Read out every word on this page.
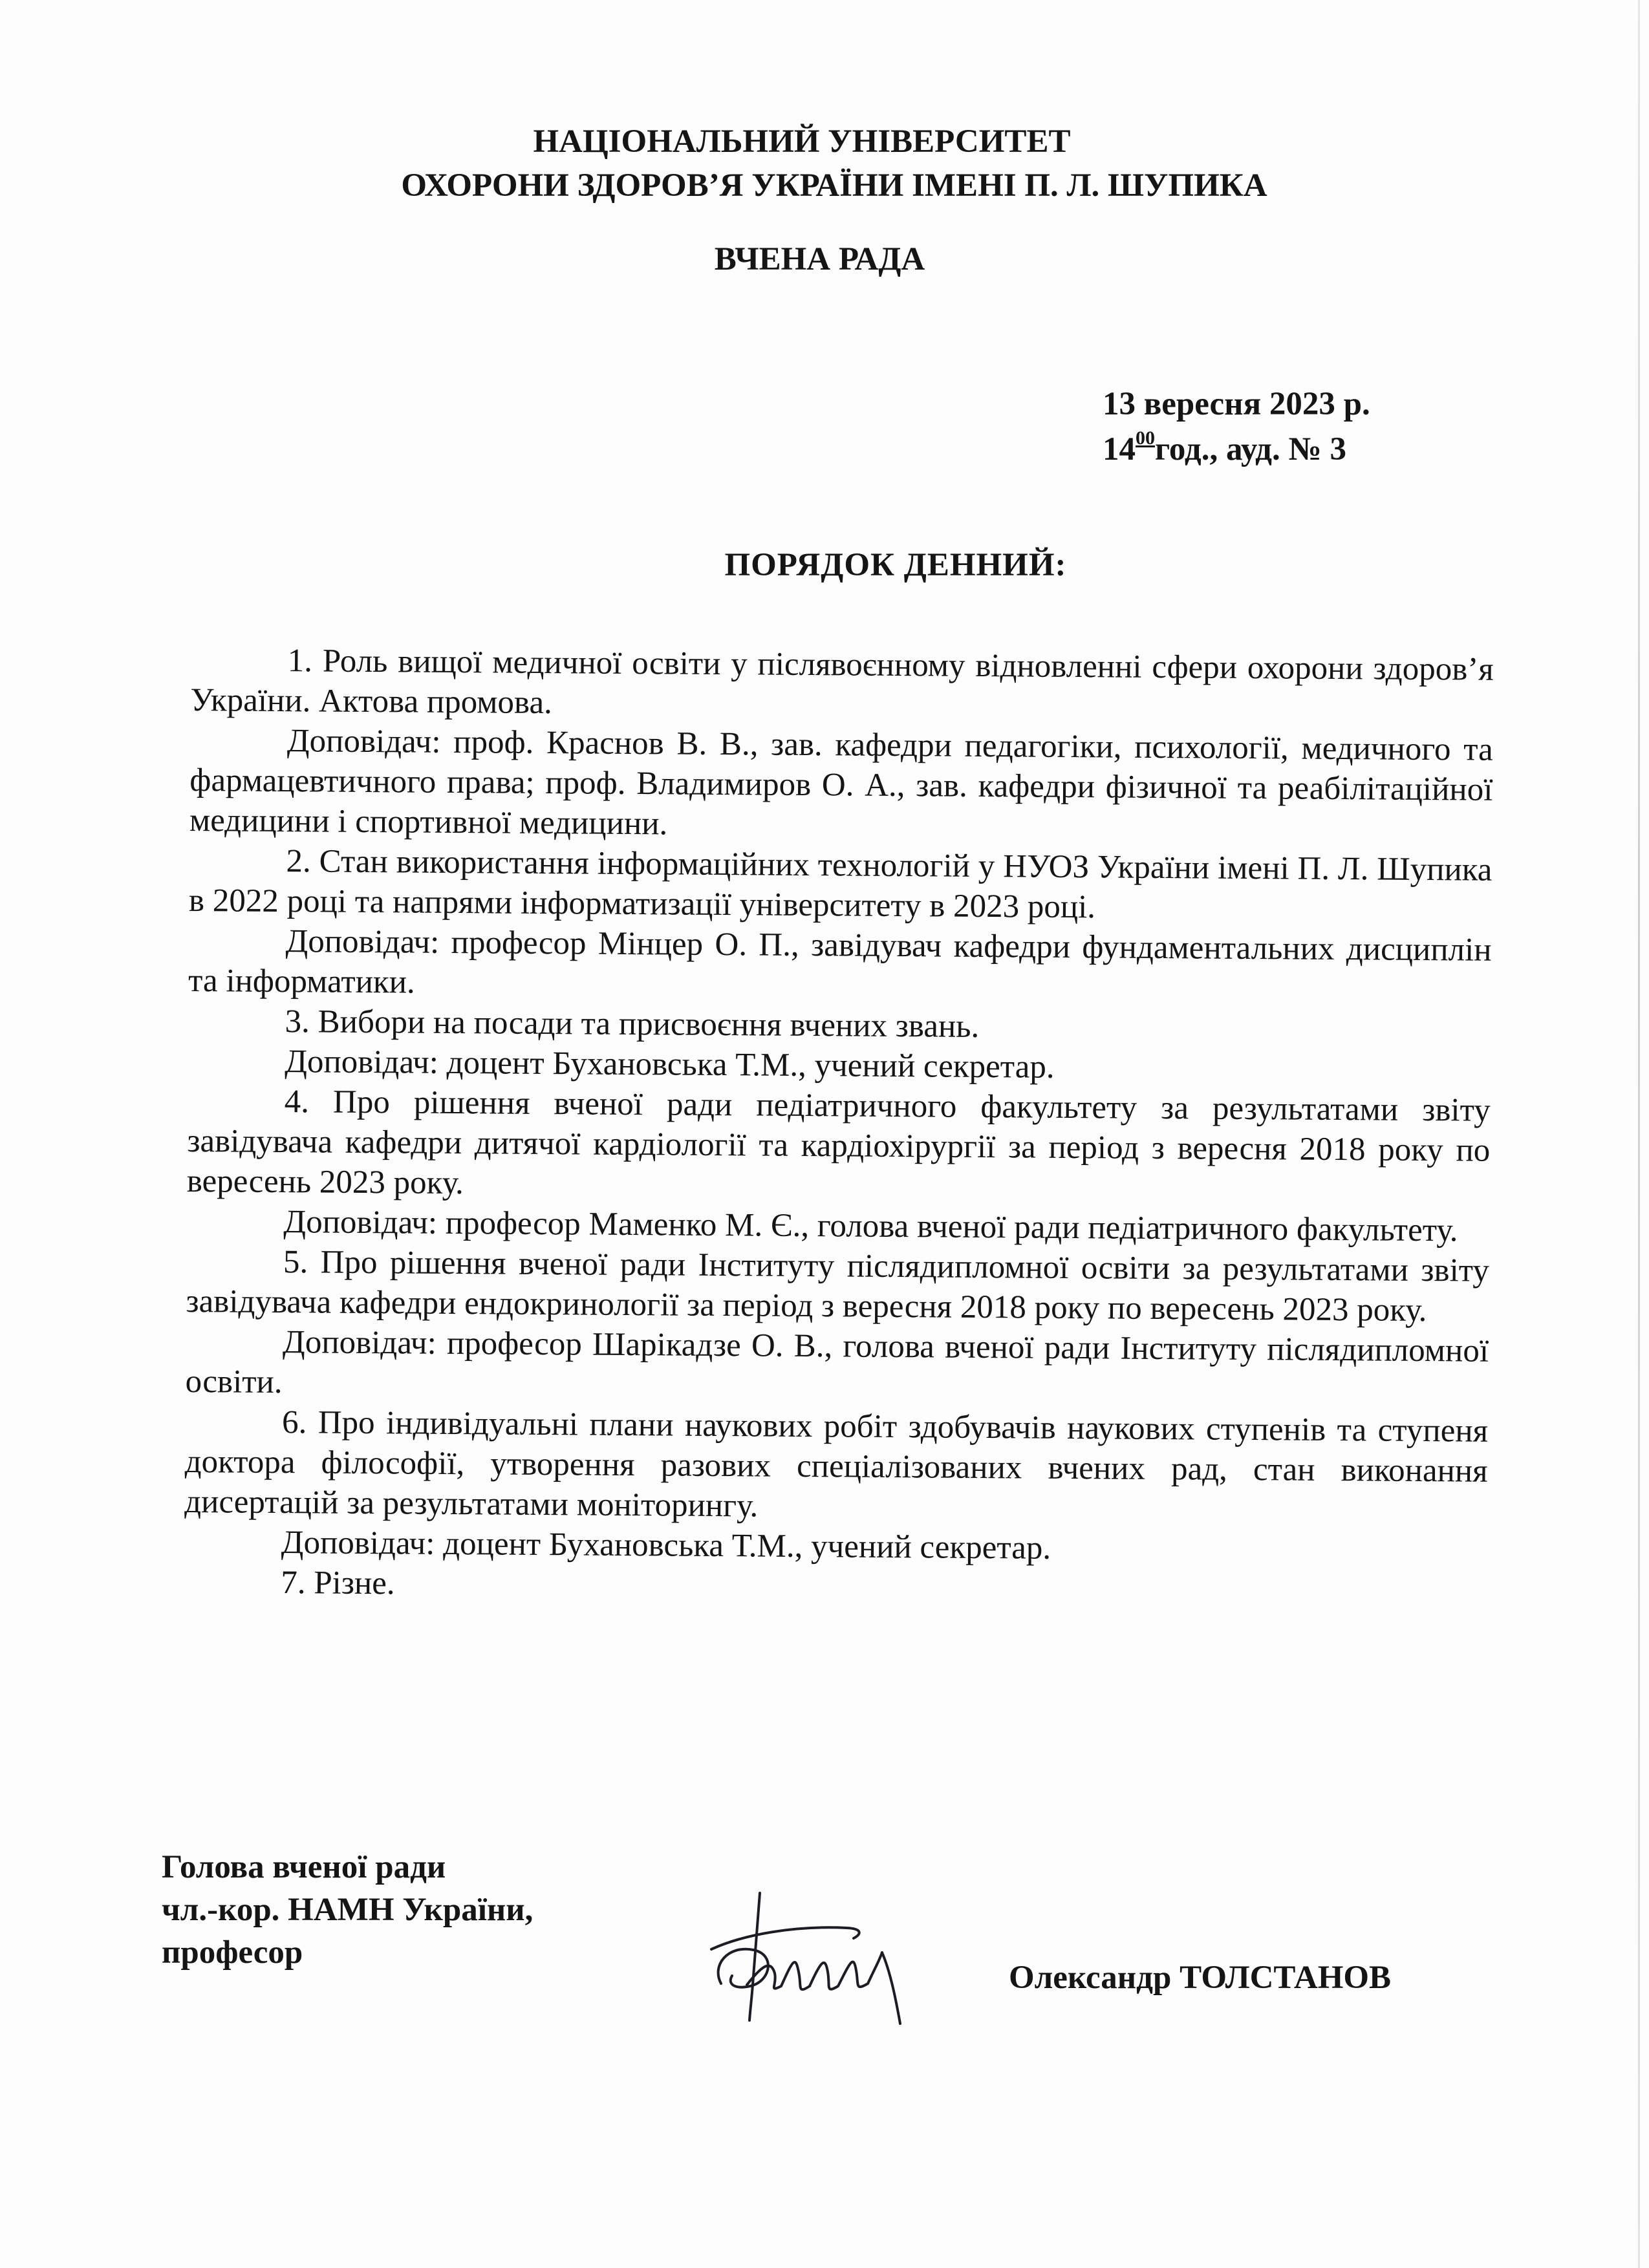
НАЦІОНАЛЬНИЙ УНІВЕРСИТЕТ
ОХОРОНИ ЗДОРОВ’Я УКРАЇНИ ІМЕНІ П. Л. ШУПИКА
ВЧЕНА РАДА
13 вересня 2023 р.
$14^{00}год$., ауд. № 3
ПОРЯДОК ДЕННИЙ:

1. Роль вищої медичної освіти у післявоєнному відновленні сфери охорони здоров’я України. Актова промова.

Доповідач: проф. Краснов В. В., зав. кафедри педагогіки, психології, медичного та фармацевтичного права; проф. Владимиров О. А., зав. кафедри фізичної та реабілітаційної медицини і спортивної медицини.

2. Стан використання інформаційних технологій у НУОЗ України імені П. Л. Шупика в 2022 році та напрями інформатизації університету в 2023 році.

Доповідач: професор Мінцер О. П., завідувач кафедри фундаментальних дисциплін та інформатики.

3. Вибори на посади та присвоєння вчених звань.

Доповідач: доцент Бухановська Т.М., учений секретар.

4. Про рішення вченої ради педіатричного факультету за результатами звіту завідувача кафедри дитячої кардіології та кардіохірургії за період з вересня 2018 року по вересень 2023 року.

Доповідач: професор Маменко М. Є., голова вченої ради педіатричного факультету.

5. Про рішення вченої ради Інституту післядипломної освіти за результатами звіту завідувача кафедри ендокринології за період з вересня 2018 року по вересень 2023 року.

Доповідач: професор Шарікадзе О. В., голова вченої ради Інституту післядипломної освіти.

6. Про індивідуальні плани наукових робіт здобувачів наукових ступенів та ступеня доктора філософії, утворення разових спеціалізованих вчених рад, стан виконання дисертацій за результатами моніторингу.

Доповідач: доцент Бухановська Т.М., учений секретар.

7. Різне.

Голова вченої ради
чл.-кор. НАМН України,
професор
Олександр ТОЛСТАНОВ
